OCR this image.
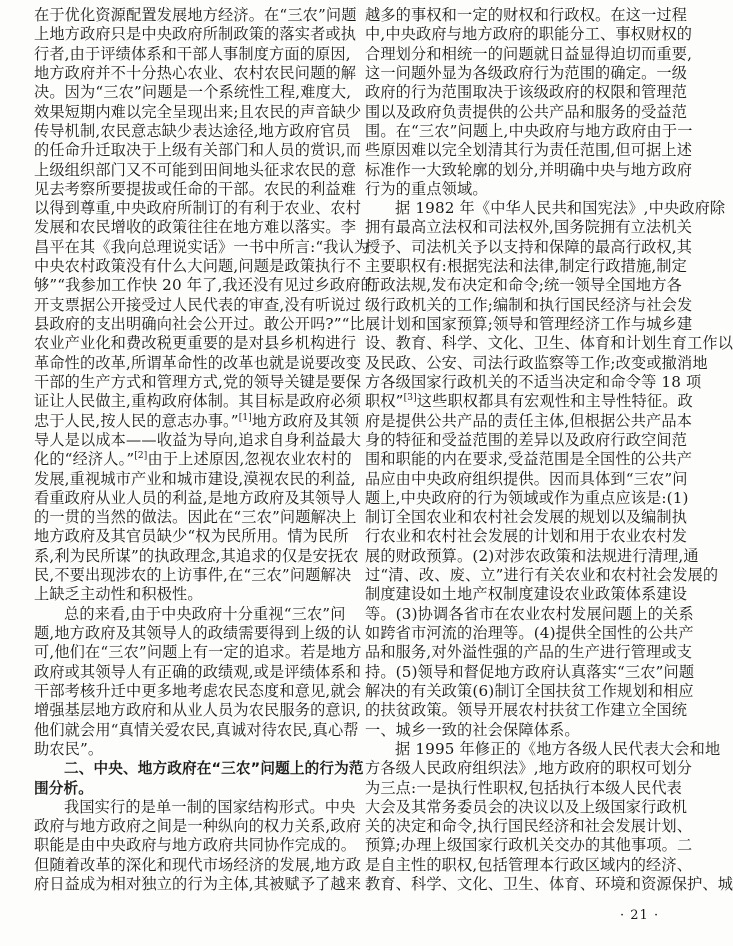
在于优化资源配置发展地方经济。在“三农”问题
上地方政府只是中央政府所制政策的落实者或执
行者,由于评绩体系和干部人事制度方面的原因,
地方政府并不十分热心农业、农村农民问题的解
决。因为“三农”问题是一个系统性工程,难度大,
效果短期内难以完全呈现出来;且农民的声音缺少
传导机制,农民意志缺少表达途径,地方政府官员
的任命升迁取决于上级有关部门和人员的赏识,而
上级组织部门又不可能到田间地头征求农民的意
见去考察所要提拔或任命的干部。农民的利益难
以得到尊重,中央政府所制订的有利于农业、农村
发展和农民增收的政策往往在地方难以落实。李
昌平在其《我向总理说实话》一书中所言:“我认为
中央农村政策没有什么大问题,问题是政策执行不
够”“我参加工作快 20 年了,我还没有见过乡政府的
开支票据公开接受过人民代表的审查,没有听说过
县政府的支出明确向社会公开过。敢公开吗?”“比
农业产业化和费改税更重要的是对县乡机构进行
革命性的改革,所谓革命性的改革也就是说要改变
干部的生产方式和管理方式,党的领导关键是要保
证让人民做主,重构政府体制。其目标是政府必须
忠于人民,按人民的意志办事。”[1]地方政府及其领
导人是以成本——收益为导向,追求自身利益最大
化的“经济人。”[2]由于上述原因,忽视农业农村的
发展,重视城市产业和城市建设,漠视农民的利益,
看重政府从业人员的利益,是地方政府及其领导人
的一贯的当然的做法。因此在“三农”问题解决上
地方政府及其官员缺少“权为民所用。情为民所
系,利为民所谋”的执政理念,其追求的仅是安抚农
民,不要出现涉农的上访事件,在“三农”问题解决
上缺乏主动性和积极性。
总的来看,由于中央政府十分重视“三农”问
题,地方政府及其领导人的政绩需要得到上级的认
可,他们在“三农”问题上有一定的追求。若是地方
政府或其领导人有正确的政绩观,或是评绩体系和
干部考核升迁中更多地考虑农民态度和意见,就会
增强基层地方政府和从业人员为农民服务的意识,
他们就会用“真情关爱农民,真诚对待农民,真心帮
助农民”。
二、中央、地方政府在“三农”问题上的行为范
围分析。
我国实行的是单一制的国家结构形式。中央
政府与地方政府之间是一种纵向的权力关系,政府
职能是由中央政府与地方政府共同协作完成的。
但随着改革的深化和现代市场经济的发展,地方政
府日益成为相对独立的行为主体,其被赋予了越来
越多的事权和一定的财权和行政权。在这一过程
中,中央政府与地方政府的职能分工、事权财权的
合理划分和相统一的问题就日益显得迫切而重要,
这一问题外显为各级政府行为范围的确定。一级
政府的行为范围取决于该级政府的权限和管理范
围以及政府负责提供的公共产品和服务的受益范
围。在“三农”问题上,中央政府与地方政府由于一
些原因难以完全划清其行为责任范围,但可据上述
标准作一大致轮廓的划分,并明确中央与地方政府
行为的重点领域。
据 1982 年《中华人民共和国宪法》,中央政府除
拥有最高立法权和司法权外,国务院拥有立法机关
授予、司法机关予以支持和保障的最高行政权,其
主要职权有:根据宪法和法律,制定行政措施,制定
行政法规,发布决定和命令;统一领导全国地方各
级行政机关的工作;编制和执行国民经济与社会发
展计划和国家预算;领导和管理经济工作与城乡建
设、教育、科学、文化、卫生、体育和计划生育工作以
及民政、公安、司法行政监察等工作;改变或撤消地
方各级国家行政机关的不适当决定和命令等 18 项
职权”[3]这些职权都具有宏观性和主导性特征。政
府是提供公共产品的责任主体,但根据公共产品本
身的特征和受益范围的差异以及政府行政空间范
围和职能的内在要求,受益范围是全国性的公共产
品应由中央政府组织提供。因而具体到“三农”问
题上,中央政府的行为领域或作为重点应该是:(1)
制订全国农业和农村社会发展的规划以及编制执
行农业和农村社会发展的计划和用于农业农村发
展的财政预算。(2)对涉农政策和法规进行清理,通
过“清、改、废、立”进行有关农业和农村社会发展的
制度建设如土地产权制度建设农业政策体系建设
等。(3)协调各省市在农业农村发展问题上的关系
如跨省市河流的治理等。(4)提供全国性的公共产
品和服务,对外溢性强的产品的生产进行管理或支
持。(5)领导和督促地方政府认真落实“三农”问题
解决的有关政策(6)制订全国扶贫工作规划和相应
的扶贫政策。领导开展农村扶贫工作建立全国统
一、城乡一致的社会保障体系。
据 1995 年修正的《地方各级人民代表大会和地
方各级人民政府组织法》,地方政府的职权可划分
为三点:一是执行性职权,包括执行本级人民代表
大会及其常务委员会的决议以及上级国家行政机
关的决定和命令,执行国民经济和社会发展计划、
预算;办理上级国家行政机关交办的其他事项。二
是自主性的职权,包括管理本行政区域内的经济、
教育、科学、文化、卫生、体育、环境和资源保护、城
· 21 ·
